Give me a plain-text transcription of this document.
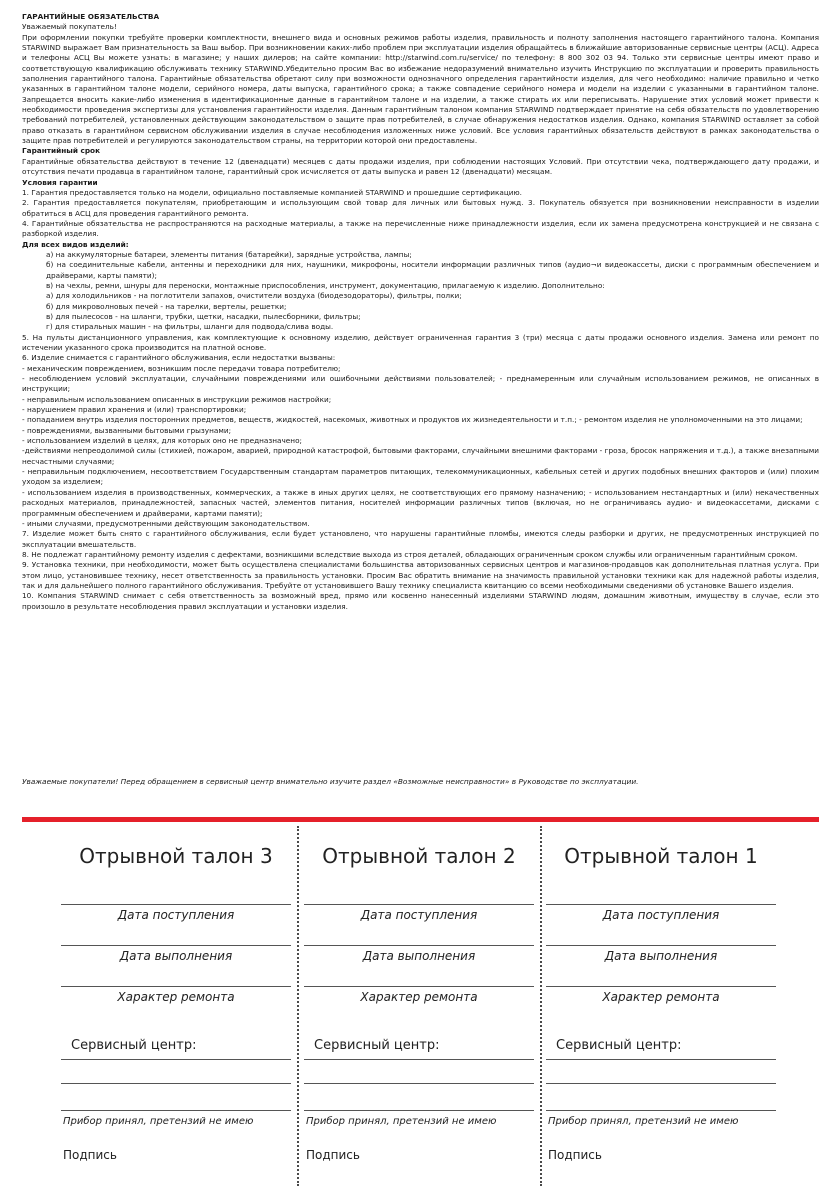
ГАРАНТИЙНЫЕ ОБЯЗАТЕЛЬСТВА

Уважаемый покупатель!

При оформлении покупки требуйте проверки комплектности, внешнего вида и основных режимов работы изделия, правильность и полноту заполнения настоящего гарантийного талона. Компания STARWIND выражает Вам признательность за Ваш выбор. При возникновении каких-либо проблем при эксплуатации изделия обращайтесь в ближайшие авторизованные сервисные центры (АСЦ). Адреса и телефоны АСЦ Вы можете узнать: в магазине; у наших дилеров; на сайте компании: http://starwind.com.ru/service/ по телефону: 8 800 302 03 94. Только эти сервисные центры имеют право и соответствующую квалификацию обслуживать технику STARWIND.Убедительно просим Вас во избежание недоразумений внимательно изучить Инструкцию по эксплуатации и проверить правильность заполнения гарантийного талона. Гарантийные обязательства обретают силу при возможности однозначного определения гарантийности изделия, для чего необходимо: наличие правильно и четко указанных в гарантийном талоне модели, серийного номера, даты выпуска, гарантийного срока; а также совпадение серийного номера и модели на изделии с указанными в гарантийном талоне. Запрещается вносить какие-либо изменения в идентификационные данные в гарантийном талоне и на изделии, а также стирать их или переписывать. Нарушение этих условий может привести к необходимости проведения экспертизы для установления гарантийности изделия. Данным гарантийным талоном компания STARWIND подтверждает принятие на себя обязательств по удовлетворению требований потребителей, установленных действующим законодательством о защите прав потребителей, в случае обнаружения недостатков изделия. Однако, компания STARWIND оставляет за собой право отказать в гарантийном сервисном обслуживании изделия в случае несоблюдения изложенных ниже условий. Все условия гарантийных обязательств действуют в рамках законодательства о защите прав потребителей и регулируются законодательством страны, на территории которой они предоставлены.

Гарантийный срок

Гарантийные обязательства действуют в течение 12 (двенадцати) месяцев с даты продажи изделия, при соблюдении настоящих Условий. При отсутствии чека, подтверждающего дату продажи, и отсутствия печати продавца в гарантийном талоне, гарантийный срок исчисляется от даты выпуска и равен 12 (двенадцати) месяцам.

Условия гарантии

1. Гарантия предоставляется только на модели, официально поставляемые компанией STARWIND и прошедшие сертификацию.

2. Гарантия предоставляется покупателям, приобретающим и использующим свой товар для личных или бытовых нужд. 3. Покупатель обязуется при возникновении неисправности в изделии обратиться в АСЦ для проведения гарантийного ремонта.

4. Гарантийные обязательства не распространяются на расходные материалы, а также на перечисленные ниже принадлежности изделия, если их замена предусмотрена конструкцией и не связана с разборкой изделия.

Для всех видов изделий:

а) на аккумуляторные батареи, элементы питания (батарейки), зарядные устройства, лампы;

б) на соединительные кабели, антенны и переходники для них, наушники, микрофоны, носители информации различных типов (аудио¬и видеокассеты, диски с программным обеспечением и драйверами, карты памяти);

в) на чехлы, ремни, шнуры для переноски, монтажные приспособления, инструмент, документацию, прилагаемую к изделию. Дополнительно:

а) для холодильников - на поглотители запахов, очистители воздуха (биодезодораторы), фильтры, полки;

б) для микроволновых печей - на тарелки, вертелы, решетки;

в) для пылесосов - на шланги, трубки, щетки, насадки, пылесборники, фильтры;

г) для стиральных машин - на фильтры, шланги для подвода/слива воды.

5. На пульты дистанционного управления, как комплектующие к основному изделию, действует ограниченная гарантия 3 (три) месяца с даты продажи основного изделия. Замена или ремонт по истечении указанного срока производится на платной основе.

6. Изделие снимается с гарантийного обслуживания, если недостатки вызваны:

- механическим повреждением, возникшим после передачи товара потребителю;

- несоблюдением условий эксплуатации, случайными повреждениями или ошибочными действиями пользователей; - преднамеренным или случайным использованием режимов, не описанных в инструкции;

- неправильным использованием описанных в инструкции режимов настройки;

- нарушением правил хранения и (или) транспортировки;

- попаданием внутрь изделия посторонних предметов, веществ, жидкостей, насекомых, животных и продуктов их жизнедеятельности и т.п.; - ремонтом изделия не уполномоченными на это лицами;

- повреждениями, вызванными бытовыми грызунами;

- использованием изделий в целях, для которых оно не предназначено;

-действиями непреодолимой силы (стихией, пожаром, аварией, природной катастрофой, бытовыми факторами, случайными внешними факторами - гроза, бросок напряжения и т.д.), а также внезапными несчастными случаями;

- неправильным подключением, несоответствием Государственным стандартам параметров питающих, телекоммуникационных, кабельных сетей и других подобных внешних факторов и (или) плохим уходом за изделием;

- использованием изделия в производственных, коммерческих, а также в иных других целях, не соответствующих его прямому назначению; - использованием нестандартных и (или) некачественных расходных материалов, принадлежностей, запасных частей, элементов питания, носителей информации различных типов (включая, но не ограничиваясь аудио- и видеокассетами, дисками с программным обеспечением и драйверами, картами памяти);

- иными случаями, предусмотренными действующим законодательством.

7. Изделие может быть снято с гарантийного обслуживания, если будет установлено, что нарушены гарантийные пломбы, имеются следы разборки и других, не предусмотренных инструкцией по эксплуатации вмешательств.

8. Не подлежат гарантийному ремонту изделия с дефектами, возникшими вследствие выхода из строя деталей, обладающих ограниченным сроком службы или ограниченным гарантийным сроком.

9. Установка техники, при необходимости, может быть осуществлена специалистами большинства авторизованных сервисных центров и магазинов-продавцов как дополнительная платная услуга. При этом лицо, установившее технику, несет ответственность за правильность установки. Просим Вас обратить внимание на значимость правильной установки техники как для надежной работы изделия, так и для дальнейшего полного гарантийного обслуживания. Требуйте от установившего Вашу технику специалиста квитанцию со всеми необходимыми сведениями об установке Вашего изделия.

10. Компания STARWIND снимает с себя ответственность за возможный вред, прямо или косвенно нанесенный изделиями STARWIND людям, домашним животным, имуществу в случае, если это произошло в результате несоблюдения правил эксплуатации и установки изделия.

Уважаемые покупатели! Перед обращением в сервисный центр внимательно изучите раздел «Возможные неисправности» в Руководстве по эксплуатации.
Отрывной талон 3
Дата поступления
Дата выполнения
Характер ремонта
Сервисный центр:
Прибор принял, претензий не имею
Подпись
Отрывной талон 2
Дата поступления
Дата выполнения
Характер ремонта
Сервисный центр:
Прибор принял, претензий не имею
Подпись
Отрывной талон 1
Дата поступления
Дата выполнения
Характер ремонта
Сервисный центр:
Прибор принял, претензий не имею
Подпись
